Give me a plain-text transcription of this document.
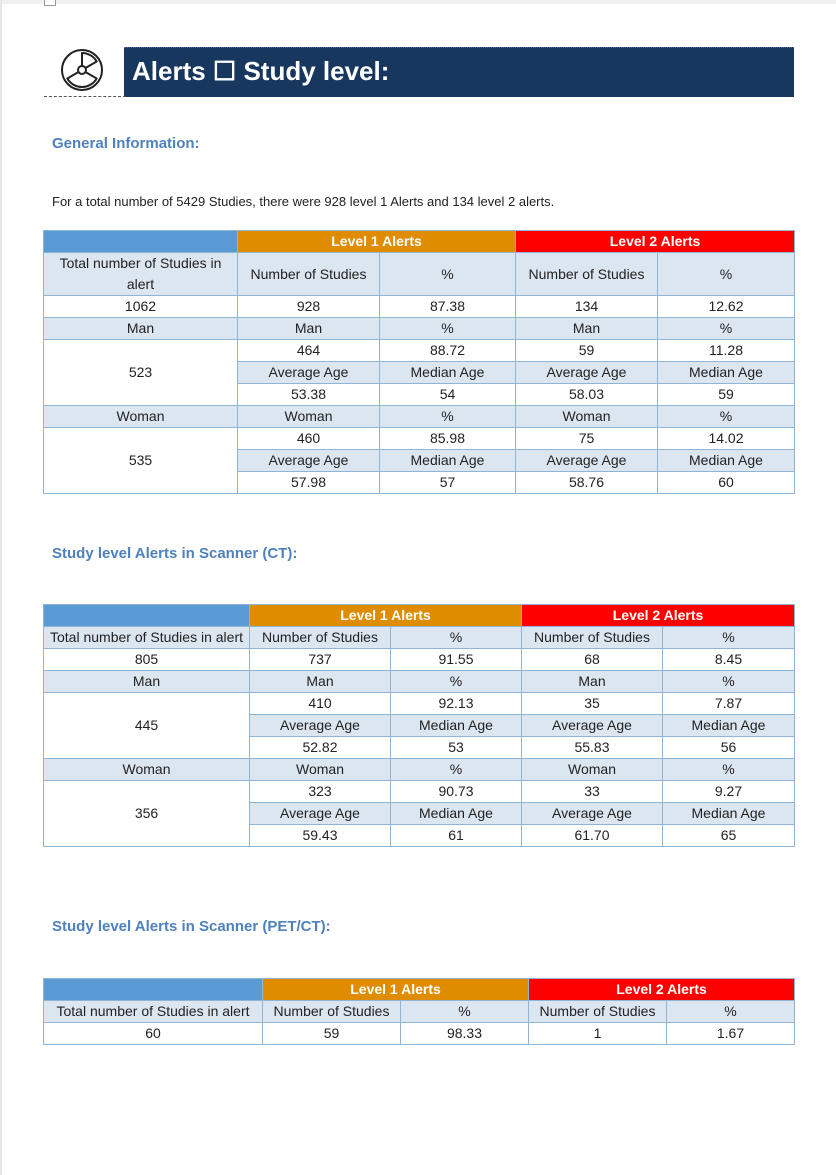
Alerts ☐ Study level:
General Information:
For a total number of 5429 Studies, there were 928 level 1 Alerts and 134 level 2 alerts.
	Level 1 Alerts		Level 2 Alerts	
Total number of Studies in alert	Number of Studies	%	Number of Studies	%
1062	928	87.38	134	12.62
Man	Man	%	Man	%
523	464	88.72	59	11.28
	Average Age	Median Age	Average Age	Median Age
	53.38	54	58.03	59
Woman	Woman	%	Woman	%
535	460	85.98	75	14.02
	Average Age	Median Age	Average Age	Median Age
	57.98	57	58.76	60
Study level Alerts in Scanner (CT):
	Level 1 Alerts		Level 2 Alerts	
Total number of Studies in alert	Number of Studies	%	Number of Studies	%
805	737	91.55	68	8.45
Man	Man	%	Man	%
445	410	92.13	35	7.87
	Average Age	Median Age	Average Age	Median Age
	52.82	53	55.83	56
Woman	Woman	%	Woman	%
356	323	90.73	33	9.27
	Average Age	Median Age	Average Age	Median Age
	59.43	61	61.70	65
Study level Alerts in Scanner (PET/CT):
	Level 1 Alerts		Level 2 Alerts	
Total number of Studies in alert	Number of Studies	%	Number of Studies	%
60	59	98.33	1	1.67
